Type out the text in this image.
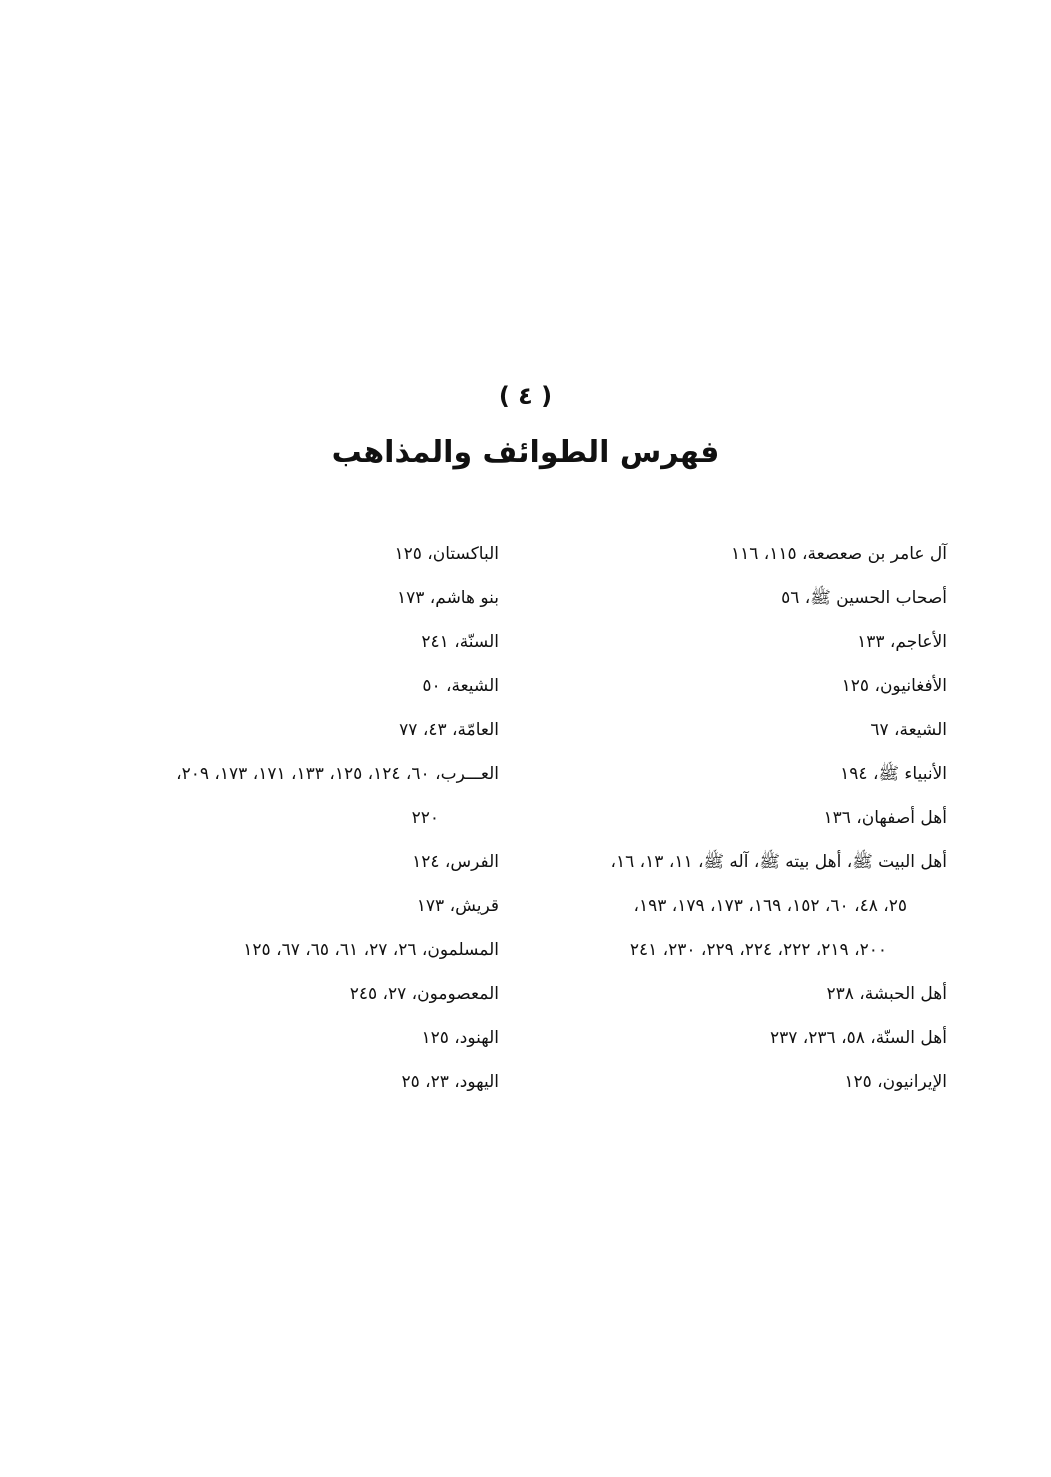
( ٤ )
فهرس الطوائف والمذاهب
آل عامر بن صعصعة، ١١٥، ١١٦
أصحاب الحسين ﷺ، ٥٦
الأعاجم، ١٣٣
الأفغانيون، ١٢٥
الشيعة، ٦٧
الأنبياء ﷺ، ١٩٤
أهل أصفهان، ١٣٦
أهل البيت ﷺ، أهل بيته ﷺ، آله ﷺ، ١١، ١٣، ١٦،
٢٥، ٤٨، ٦٠، ١٥٢، ١٦٩، ١٧٣، ١٧٩، ١٩٣،
٢٠٠، ٢١٩، ٢٢٢، ٢٢٤، ٢٢٩، ٢٣٠، ٢٤١
أهل الحبشة، ٢٣٨
أهل السنّة، ٥٨، ٢٣٦، ٢٣٧
الإيرانيون، ١٢٥
الباكستان، ١٢٥
بنو هاشم، ١٧٣
السنّة، ٢٤١
الشيعة، ٥٠
العامّة، ٤٣، ٧٧
العـــرب، ٦٠، ١٢٤، ١٢٥، ١٣٣، ١٧١، ١٧٣، ٢٠٩،
٢٢٠
الفرس، ١٢٤
قريش، ١٧٣
المسلمون، ٢٦، ٢٧، ٦١، ٦٥، ٦٧، ١٢٥
المعصومون، ٢٧، ٢٤٥
الهنود، ١٢٥
اليهود، ٢٣، ٢٥
